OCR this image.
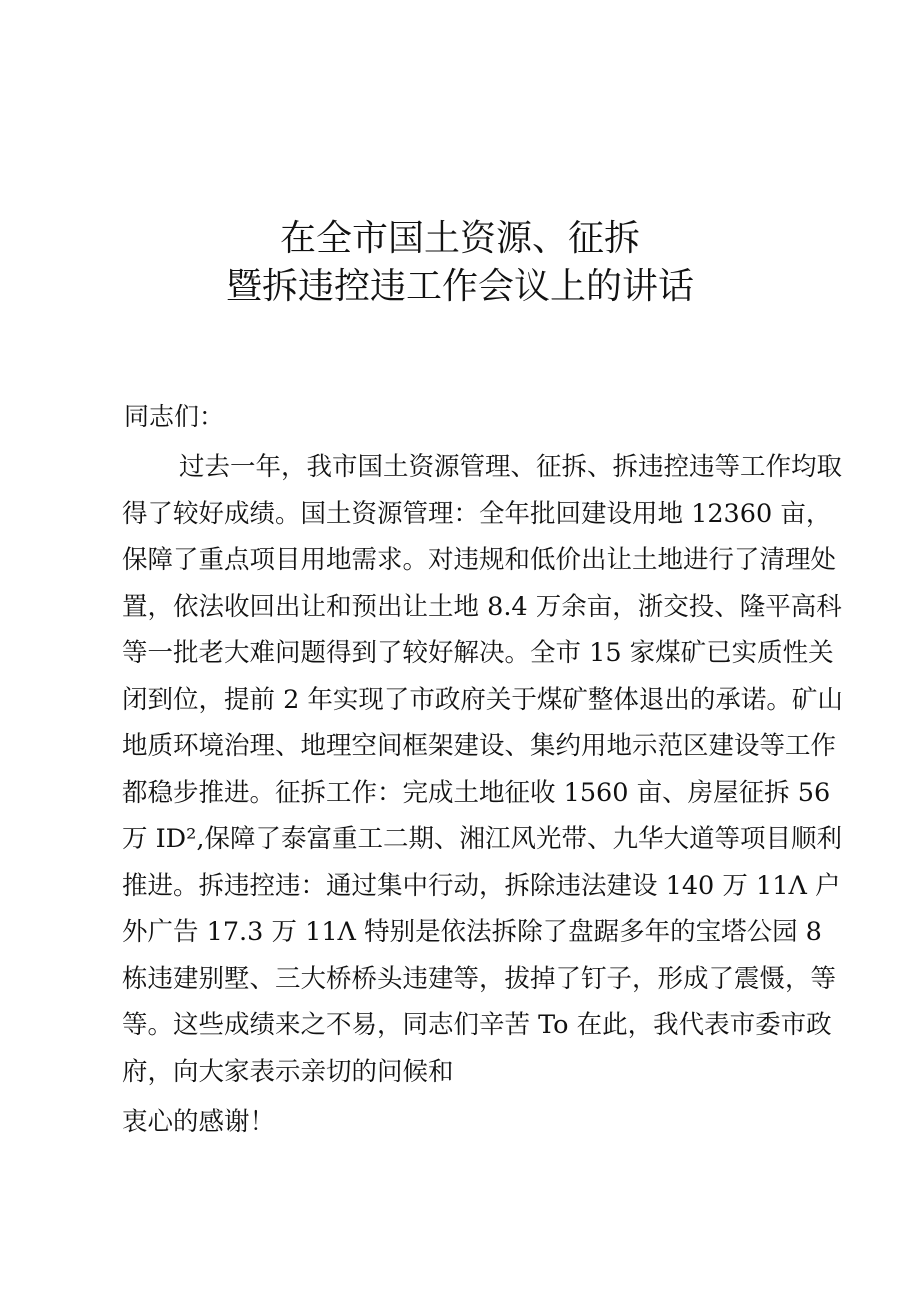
在全市国土资源、征拆
暨拆违控违工作会议上的讲话
同志们：
过去一年，我市国土资源管理、征拆、拆违控违等工作均取
得了较好成绩。国土资源管理：全年批回建设用地 12360 亩，
保障了重点项目用地需求。对违规和低价出让土地进行了清理处
置，依法收回出让和预出让土地 8.4 万余亩，浙交投、隆平高科
等一批老大难问题得到了较好解决。全市 15 家煤矿已实质性关
闭到位，提前 2 年实现了市政府关于煤矿整体退出的承诺。矿山
地质环境治理、地理空间框架建设、集约用地示范区建设等工作
都稳步推进。征拆工作：完成土地征收 1560 亩、房屋征拆 56
万 ID²,保障了泰富重工二期、湘江风光带、九华大道等项目顺利
推进。拆违控违：通过集中行动，拆除违法建设 140 万 11Λ 户
外广告 17.3 万 11Λ 特别是依法拆除了盘踞多年的宝塔公园 8
栋违建别墅、三大桥桥头违建等，拔掉了钉子，形成了震慑，等
等。这些成绩来之不易，同志们辛苦 To 在此，我代表市委市政
府，向大家表示亲切的问候和
衷心的感谢！
